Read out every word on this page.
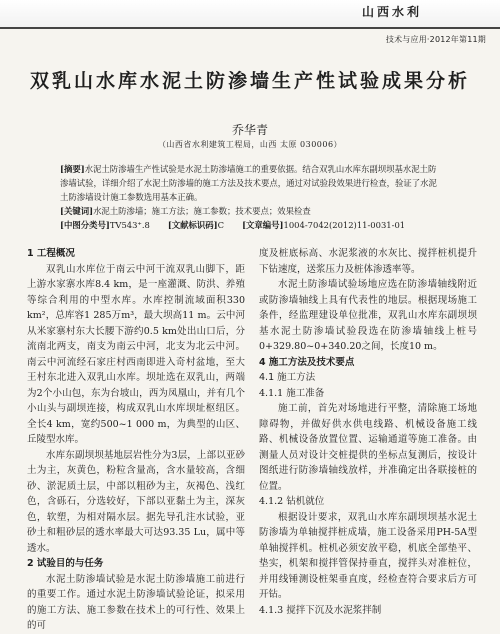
山西水利
技术与应用·2012年第11期
双乳山水库水泥土防渗墙生产性试验成果分析
乔华青
（山西省水利建筑工程局，山西 太原 030006）
[摘要]水泥土防渗墙生产性试验是水泥土防渗墙施工的重要依据。结合双乳山水库东副坝坝基水泥土防渗墙试验，详细介绍了水泥土防渗墙的施工方法及技术要点，通过对试验段效果进行检查，验证了水泥土防渗墙设计施工参数选用基本正确。
[关键词]水泥土防渗墙；施工方法；施工参数；技术要点；效果检查
[中图分类号]TV543⁺.8 [文献标识码]C [文章编号]1004-7042(2012)11-0031-01
1 工程概况

双乳山水库位于南云中河干流双乳山脚下，距上游水家寨水库8.4 km，是一座灌溉、防洪、养殖等综合利用的中型水库。水库控制流域面积330 km²，总库容1 285万m³，最大坝高11 m。云中河从米家寨村东大长腰下游约0.5 km处出山口后，分流南北两支，南支为南云中河，北支为北云中河。南云中河流经石家庄村西南即进入奇村盆地，至大王村东北进入双乳山水库。坝址选在双乳山，两端为2个小山包，东为台坡山，西为凤凰山，并有几个小山头与副坝连接，构成双乳山水库坝址枢纽区。全长4 km，宽约500~1 000 m，为典型的山区、丘陵型水库。

水库东副坝坝基地层岩性分为3层，上部以亚砂土为主，灰黄色，粉粒含量高，含水量较高，含细砂、淤泥质土层，中部以粗砂为主，灰褐色、浅红色，含砾石，分选较好，下部以亚黏土为主，深灰色，软塑，为相对隔水层。据先导孔注水试验，亚砂土和粗砂层的透水率最大可达93.35 Lu，属中等透水。

2 试验目的与任务

水泥土防渗墙试验是水泥土防渗墙施工前进行的重要工作。通过水泥土防渗墙试验论证，拟采用的施工方法、施工参数在技术上的可行性、效果上的可

度及桩底标高、水泥浆液的水灰比、搅拌桩机提升下钻速度，送浆压力及桩体渗透率等。

水泥土防渗墙试验场地应选在防渗墙轴线附近或防渗墙轴线上具有代表性的地层。根据现场施工条件，经监理建设单位批准，双乳山水库东副坝坝基水泥土防渗墙试验段选在防渗墙轴线上桩号0+329.80~0+340.20之间，长度10 m。

4 施工方法及技术要点
4.1 施工方法
4.1.1 施工准备

施工前，首先对场地进行平整，清除施工场地障碍物，并做好供水供电线路、机械设备施工线路、机械设备放置位置、运输通道等施工准备。由测量人员对设计交桩提供的坐标点复测后，按设计图纸进行防渗墙轴线放样，并准确定出各联接桩的位置。

4.1.2 钻机就位

根据设计要求，双乳山水库东副坝坝基水泥土防渗墙为单轴搅拌桩成墙，施工设备采用PH-5A型单轴搅拌机。桩机必须安放平稳，机底全部垫平、垫实，机架和搅拌管保持垂直，搅拌头对准桩位，并用线锤测设桩架垂直度，经检查符合要求后方可开钻。

4.1.3 搅拌下沉及水泥浆拌制
